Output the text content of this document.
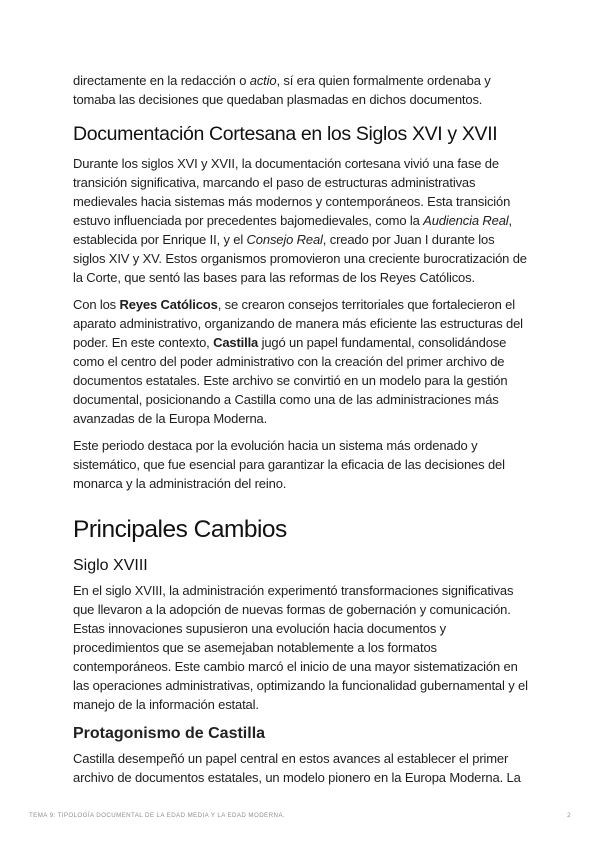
directamente en la redacción o actio, sí era quien formalmente ordenaba y tomaba las decisiones que quedaban plasmadas en dichos documentos.

Documentación Cortesana en los Siglos XVI y XVII

Durante los siglos XVI y XVII, la documentación cortesana vivió una fase de transición significativa, marcando el paso de estructuras administrativas medievales hacia sistemas más modernos y contemporáneos. Esta transición estuvo influenciada por precedentes bajomedievales, como la Audiencia Real, establecida por Enrique II, y el Consejo Real, creado por Juan I durante los siglos XIV y XV. Estos organismos promovieron una creciente burocratización de la Corte, que sentó las bases para las reformas de los Reyes Católicos.

Con los Reyes Católicos, se crearon consejos territoriales que fortalecieron el aparato administrativo, organizando de manera más eficiente las estructuras del poder. En este contexto, Castilla jugó un papel fundamental, consolidándose como el centro del poder administrativo con la creación del primer archivo de documentos estatales. Este archivo se convirtió en un modelo para la gestión documental, posicionando a Castilla como una de las administraciones más avanzadas de la Europa Moderna.

Este periodo destaca por la evolución hacia un sistema más ordenado y sistemático, que fue esencial para garantizar la eficacia de las decisiones del monarca y la administración del reino.

Principales Cambios
Siglo XVIII

En el siglo XVIII, la administración experimentó transformaciones significativas que llevaron a la adopción de nuevas formas de gobernación y comunicación. Estas innovaciones supusieron una evolución hacia documentos y procedimientos que se asemejaban notablemente a los formatos contemporáneos. Este cambio marcó el inicio de una mayor sistematización en las operaciones administrativas, optimizando la funcionalidad gubernamental y el manejo de la información estatal.

Protagonismo de Castilla

Castilla desempeñó un papel central en estos avances al establecer el primer archivo de documentos estatales, un modelo pionero en la Europa Moderna. La

TEMA 9: TIPOLOGÍA DOCUMENTAL DE LA EDAD MEDIA Y LA EDAD MODERNA.	2
